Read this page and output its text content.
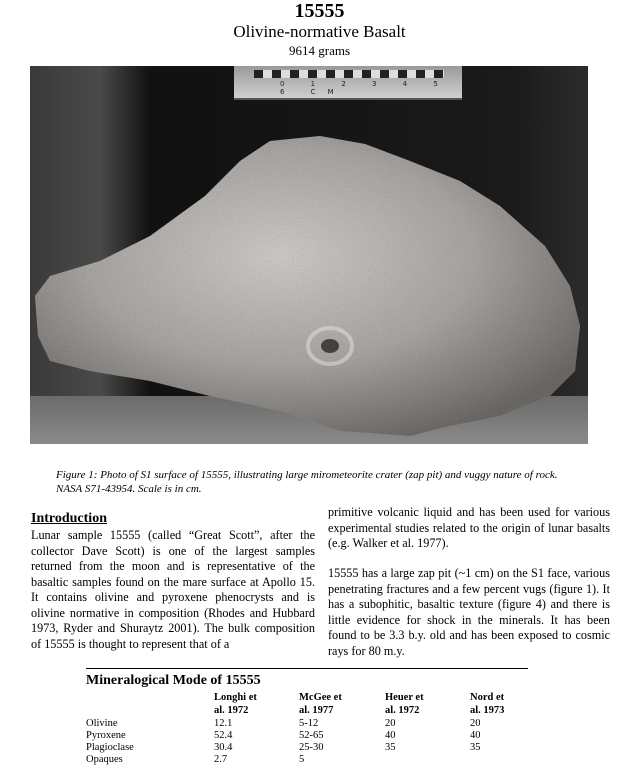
15555
Olivine-normative Basalt
9614 grams
0 1 2 3 4 5 6 CM
Figure 1: Photo of S1 surface of 15555, illustrating large mirometeorite crater (zap pit) and vuggy nature of rock. NASA S71-43954. Scale is in cm.
Introduction
Lunar sample 15555 (called “Great Scott”, after the collector Dave Scott) is one of the largest samples returned from the moon and is representative of the basaltic samples found on the mare surface at Apollo 15. It contains olivine and pyroxene phenocrysts and is olivine normative in composition (Rhodes and Hubbard 1973, Ryder and Shuraytz 2001). The bulk composition of 15555 is thought to represent that of a
primitive volcanic liquid and has been used for various experimental studies related to the origin of lunar basalts (e.g. Walker et al. 1977).
15555 has a large zap pit (~1 cm) on the S1 face, various penetrating fractures and a few percent vugs (figure 1). It has a subophitic, basaltic texture (figure 4) and there is little evidence for shock in the minerals. It has been found to be 3.3 b.y. old and has been exposed to cosmic rays for 80 m.y.
Mineralogical Mode of 15555
Longhi et
al. 1972
McGee et
al. 1977
Heuer et
al. 1972
Nord et
al. 1973
Olivine	12.1	5-12	20	20
Pyroxene	52.4	52-65	40	40
Plagioclase	30.4	25-30	35	35
Opaques	2.7	5
